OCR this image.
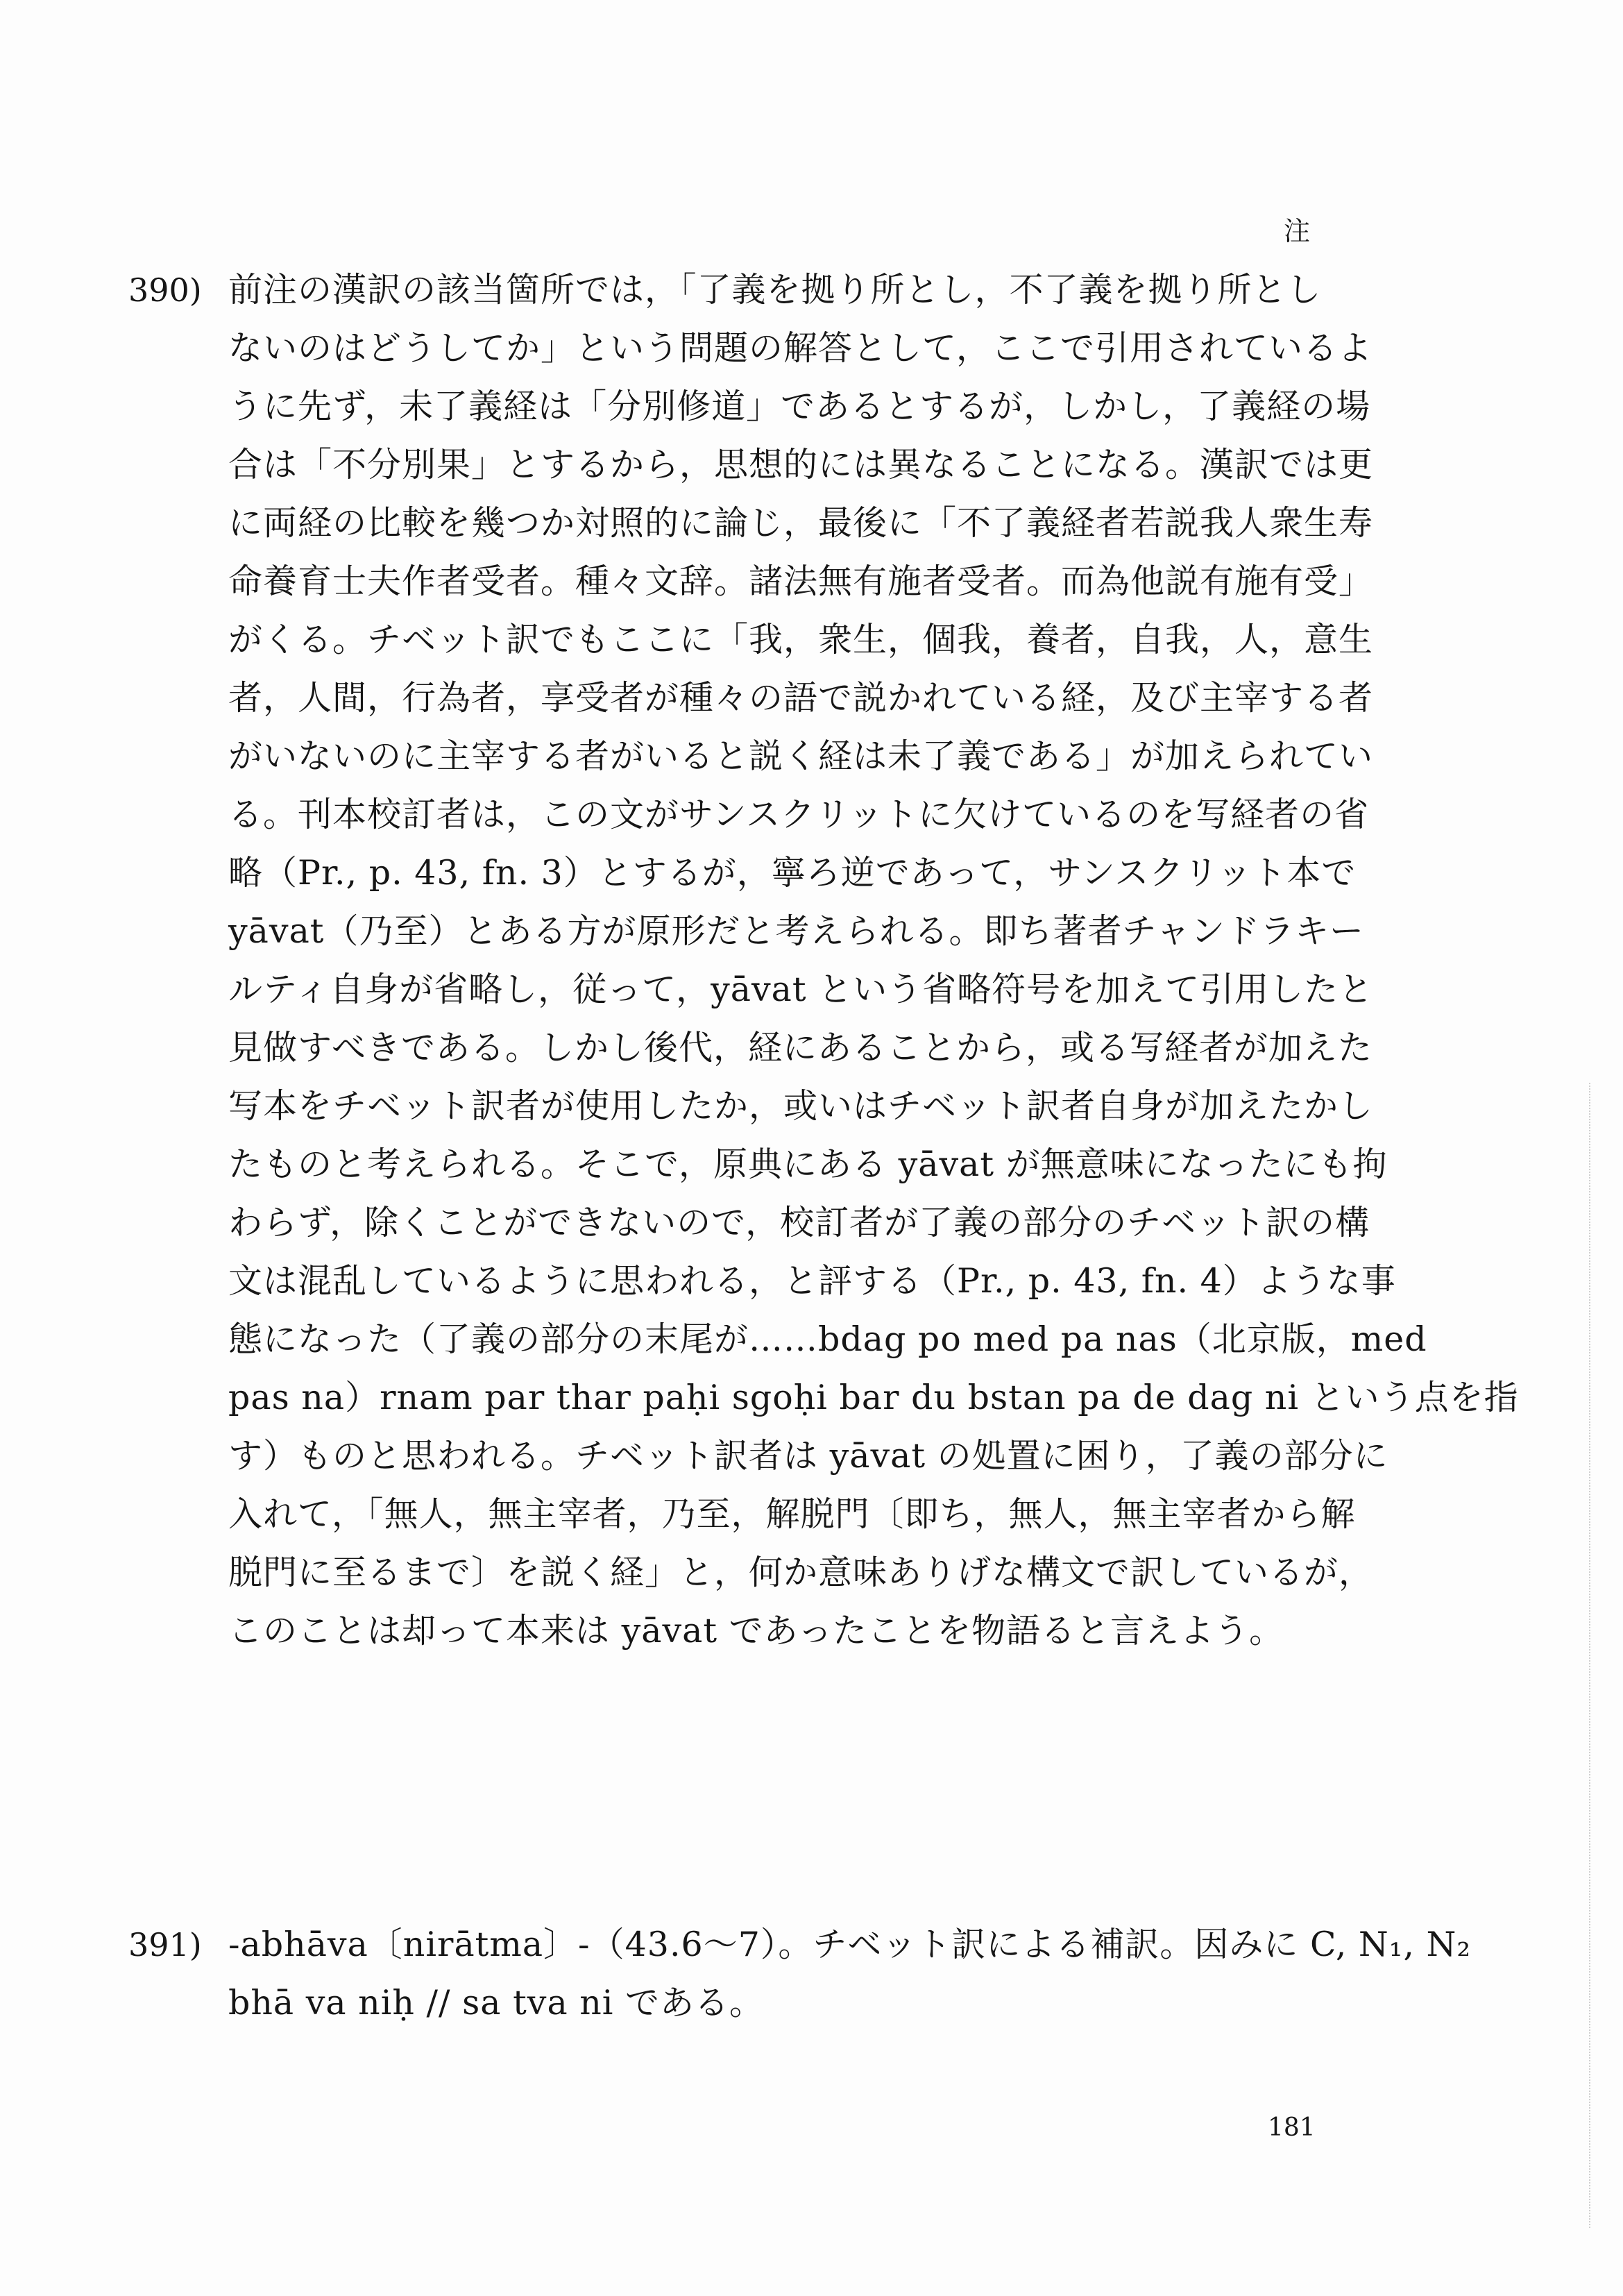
注
390) 前注の漢訳の該当箇所では，「了義を拠り所とし，不了義を拠り所とし
ないのはどうしてか」という問題の解答として，ここで引用されているよ
うに先ず，未了義経は「分別修道」であるとするが，しかし，了義経の場
合は「不分別果」とするから，思想的には異なることになる。漢訳では更
に両経の比較を幾つか対照的に論じ，最後に「不了義経者若説我人衆生寿
命養育士夫作者受者。種々文辞。諸法無有施者受者。而為他説有施有受」
がくる。チベット訳でもここに「我，衆生，個我，養者，自我，人，意生
者，人間，行為者，享受者が種々の語で説かれている経，及び主宰する者
がいないのに主宰する者がいると説く経は未了義である」が加えられてい
る。刊本校訂者は，この文がサンスクリットに欠けているのを写経者の省
略（Pr., p. 43, fn. 3）とするが，寧ろ逆であって，サンスクリット本で
yāvat（乃至）とある方が原形だと考えられる。即ち著者チャンドラキー
ルティ自身が省略し，従って，yāvat という省略符号を加えて引用したと
見做すべきである。しかし後代，経にあることから，或る写経者が加えた
写本をチベット訳者が使用したか，或いはチベット訳者自身が加えたかし
たものと考えられる。そこで，原典にある yāvat が無意味になったにも拘
わらず，除くことができないので，校訂者が了義の部分のチベット訳の構
文は混乱しているように思われる，と評する（Pr., p. 43, fn. 4）ような事
態になった（了義の部分の末尾が……bdag po med pa nas（北京版，med
pas na）rnam par thar paḥi sgoḥi bar du bstan pa de dag ni という点を指
す）ものと思われる。チベット訳者は yāvat の処置に困り，了義の部分に
入れて，「無人，無主宰者，乃至，解脱門〔即ち，無人，無主宰者から解
脱門に至るまで〕を説く経」と，何か意味ありげな構文で訳しているが，
このことは却って本来は yāvat であったことを物語ると言えよう。
391) -abhāva〔nirātma〕-（43.6～7）。チベット訳による補訳。因みに C, N₁, N₂
bhā va niḥ // sa tva ni である。
181
